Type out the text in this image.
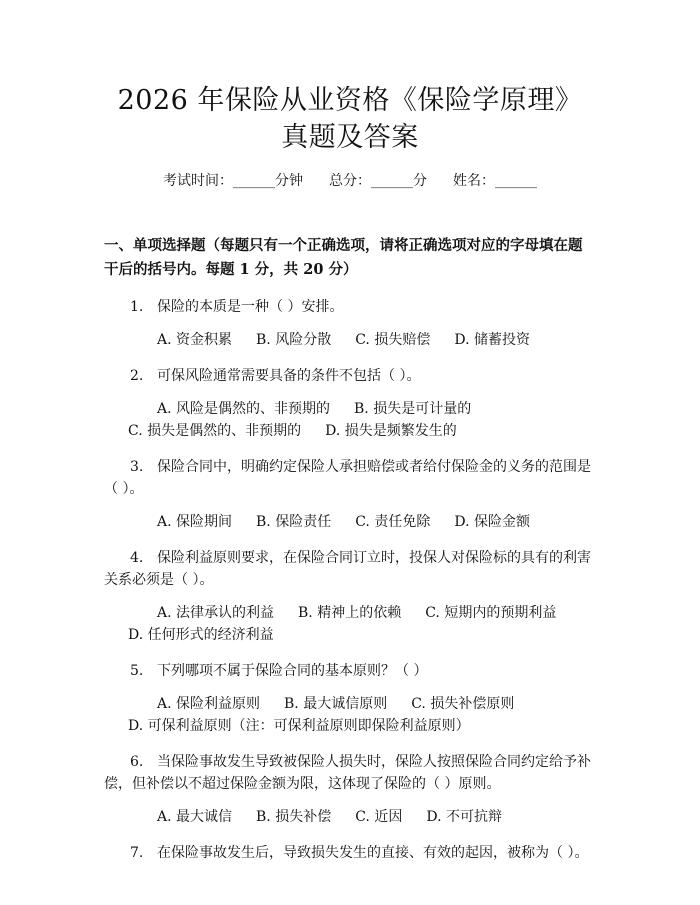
2026 年保险从业资格《保险学原理》真题及答案
考试时间：______分钟 总分：______分 姓名：______
一、单项选择题（每题只有一个正确选项，请将正确选项对应的字母填在题干后的括号内。每题 1 分，共 20 分）
1. 保险的本质是一种（ ）安排。
A. 资金积累 B. 风险分散 C. 损失赔偿 D. 储蓄投资
2. 可保风险通常需要具备的条件不包括（ ）。
A. 风险是偶然的、非预期的 B. 损失是可计量的C. 损失是偶然的、非预期的 D. 损失是频繁发生的
3. 保险合同中，明确约定保险人承担赔偿或者给付保险金的义务的范围是（ ）。
A. 保险期间 B. 保险责任 C. 责任免除 D. 保险金额
4. 保险利益原则要求，在保险合同订立时，投保人对保险标的具有的利害关系必须是（ ）。
A. 法律承认的利益 B. 精神上的依赖 C. 短期内的预期利益D. 任何形式的经济利益
5. 下列哪项不属于保险合同的基本原则？（ ）
A. 保险利益原则 B. 最大诚信原则 C. 损失补偿原则D. 可保利益原则（注：可保利益原则即保险利益原则）
6. 当保险事故发生导致被保险人损失时，保险人按照保险合同约定给予补偿，但补偿以不超过保险金额为限，这体现了保险的（ ）原则。
A. 最大诚信 B. 损失补偿 C. 近因 D. 不可抗辩
7. 在保险事故发生后，导致损失发生的直接、有效的起因，被称为（ ）。
